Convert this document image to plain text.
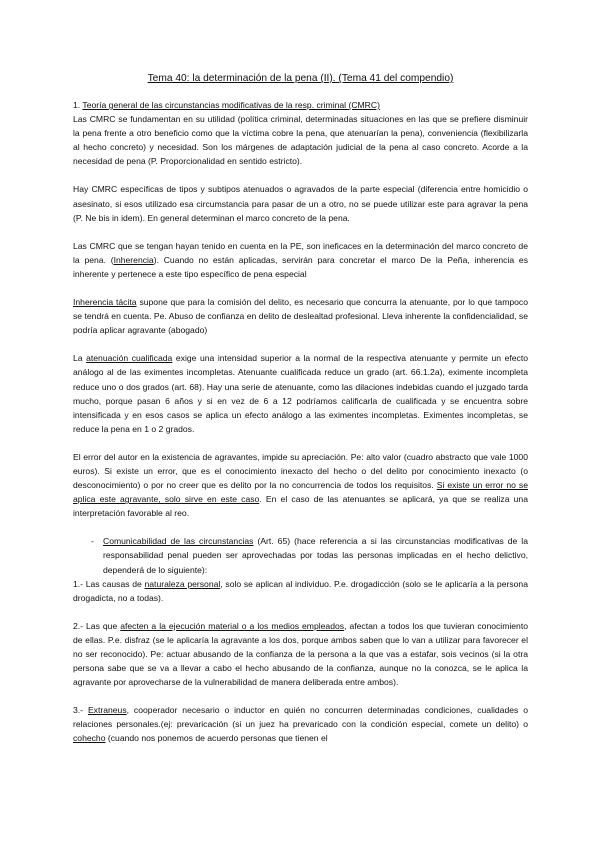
Tema 40: la determinación de la pena (II). (Tema 41 del compendio)

1. Teoría general de las circunstancias modificativas de la resp. criminal (CMRC)
Las CMRC se fundamentan en su utilidad (política criminal, determinadas situaciones en las que se prefiere disminuir la pena frente a otro beneficio como que la víctima cobre la pena, que atenuarían la pena), conveniencia (flexibilizarla al hecho concreto) y necesidad. Son los márgenes de adaptación judicial de la pena al caso concreto. Acorde a la necesidad de pena (P. Proporcionalidad en sentido estricto).

Hay CMRC específicas de tipos y subtipos atenuados o agravados de la parte especial (diferencia entre homicidio o asesinato, si esos utilizado esa circumstancia para pasar de un a otro, no se puede utilizar este para agravar la pena (P. Ne bis in idem). En general determinan el marco concreto de la pena.

Las CMRC que se tengan hayan tenido en cuenta en la PE, son ineficaces en la determinación del marco concreto de la pena. (Inherencia). Cuando no están aplicadas, servirán para concretar el marco De la Peña, inherencia es inherente y pertenece a este tipo específico de pena especial

Inherencia tácita supone que para la comisión del delito, es necesario que concurra la atenuante, por lo que tampoco se tendrá en cuenta. Pe. Abuso de confianza en delito de deslealtad profesional. Lleva inherente la confidencialidad, se podría aplicar agravante (abogado)

La atenuación cualificada exige una intensidad superior a la normal de la respectiva atenuante y permite un efecto análogo al de las eximentes incompletas. Atenuante cualificada reduce un grado (art. 66.1.2a), eximente incompleta reduce uno o dos grados (art. 68). Hay una serie de atenuante, como las dilaciones indebidas cuando el juzgado tarda mucho, porque pasan 6 años y si en vez de 6 a 12 podríamos calificarla de cualificada y se encuentra sobre intensificada y en esos casos se aplica un efecto análogo a las eximentes incompletas. Eximentes incompletas, se reduce la pena en 1 o 2 grados.

El error del autor en la existencia de agravantes, impide su apreciación. Pe: alto valor (cuadro abstracto que vale 1000 euros). Si existe un error, que es el conocimiento inexacto del hecho o del delito por conocimiento inexacto (o desconocimiento) o por no creer que es delito por la no concurrencia de todos los requisitos. Si existe un error no se aplica este agravante, solo sirve en este caso. En el caso de las atenuantes se aplicará, ya que se realiza una interpretación favorable al reo.

-	Comunicabilidad de las circunstancias (Art. 65) (hace referencia a si las circunstancias modificativas de la responsabilidad penal pueden ser aprovechadas por todas las personas implicadas en el hecho delictivo, dependerá de lo siguiente):

1.- Las causas de naturaleza personal, solo se aplican al individuo. P.e. drogadicción (solo se le aplicaría a la persona drogadicta, no a todas).

2.- Las que afecten a la ejecución material o a los medios empleados, afectan a todos los que tuvieran conocimiento de ellas. P.e. disfraz (se le aplicaría la agravante a los dos, porque ambos saben que lo van a utilizar para favorecer el no ser reconocido). Pe: actuar abusando de la confianza de la persona a la que vas a estafar, sois vecinos (si la otra persona sabe que se va a llevar a cabo el hecho abusando de la confianza, aunque no la conozca, se le aplica la agravante por aprovecharse de la vulnerabilidad de manera deliberada entre ambos).

3.- Extraneus, cooperador necesario o inductor en quién no concurren determinadas condiciones, cualidades o relaciones personales.(ej: prevaricación (si un juez ha prevaricado con la condición especial, comete un delito) o cohecho (cuando nos ponemos de acuerdo personas que tienen el
